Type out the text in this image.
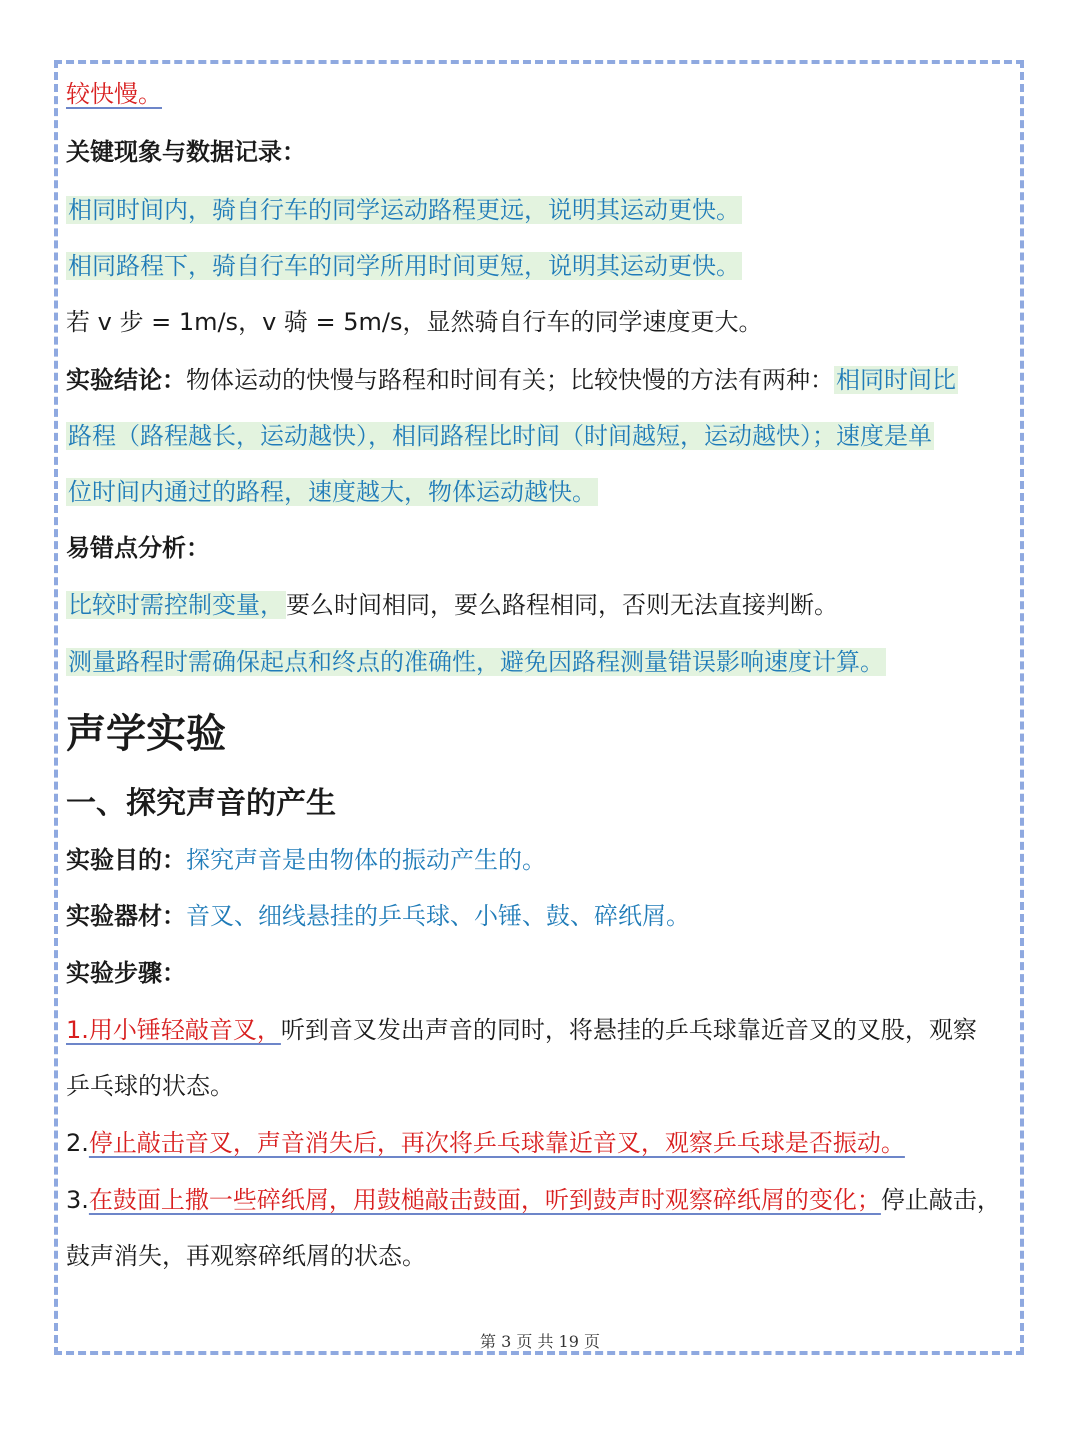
较快慢。
关键现象与数据记录：
相同时间内，骑自行车的同学运动路程更远，说明其运动更快。
相同路程下，骑自行车的同学所用时间更短，说明其运动更快。
若 v 步 = 1m/s，v 骑 = 5m/s，显然骑自行车的同学速度更大。
实验结论：物体运动的快慢与路程和时间有关；比较快慢的方法有两种：相同时间比
路程（路程越长，运动越快），相同路程比时间（时间越短，运动越快）；速度是单
位时间内通过的路程，速度越大，物体运动越快。
易错点分析：
比较时需控制变量，要么时间相同，要么路程相同，否则无法直接判断。
测量路程时需确保起点和终点的准确性，避免因路程测量错误影响速度计算。
声学实验
一、探究声音的产生
实验目的：探究声音是由物体的振动产生的。
实验器材：音叉、细线悬挂的乒乓球、小锤、鼓、碎纸屑。
实验步骤：
1.用小锤轻敲音叉，听到音叉发出声音的同时，将悬挂的乒乓球靠近音叉的叉股，观察
乒乓球的状态。
2.停止敲击音叉，声音消失后，再次将乒乓球靠近音叉，观察乒乓球是否振动。
3.在鼓面上撒一些碎纸屑，用鼓槌敲击鼓面，听到鼓声时观察碎纸屑的变化；停止敲击，
鼓声消失，再观察碎纸屑的状态。
第 3 页 共 19 页
